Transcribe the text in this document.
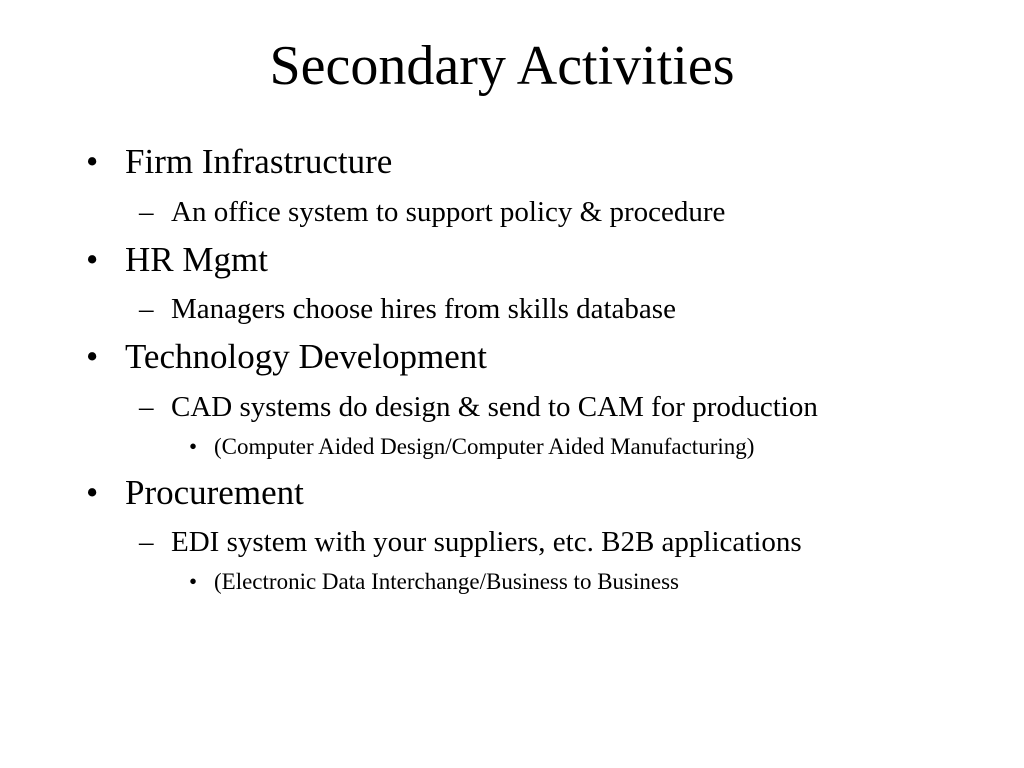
Secondary Activities
• Firm Infrastructure
– An office system to support policy & procedure
• HR Mgmt
– Managers choose hires from skills database
• Technology Development
– CAD systems do design & send to CAM for production
• (Computer Aided Design/Computer Aided Manufacturing)
• Procurement
– EDI system with your suppliers, etc. B2B applications
• (Electronic Data Interchange/Business to Business
